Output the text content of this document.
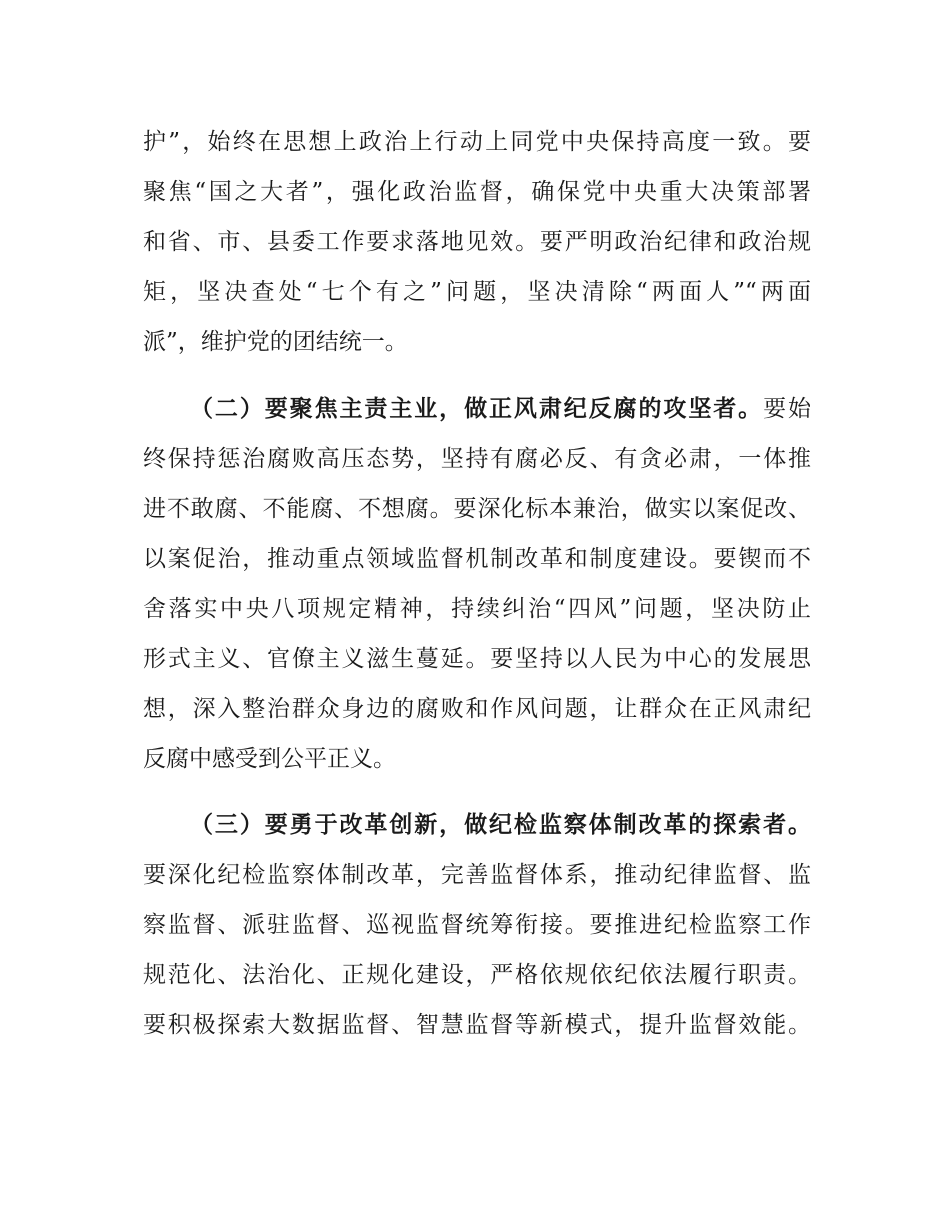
护”，始终在思想上政治上行动上同党中央保持高度一致。要
聚焦“国之大者”，强化政治监督，确保党中央重大决策部署
和省、市、县委工作要求落地见效。要严明政治纪律和政治规
矩，坚决查处“七个有之”问题，坚决清除“两面人”“两面
派”，维护党的团结统一。
（二）要聚焦主责主业，做正风肃纪反腐的攻坚者。要始
终保持惩治腐败高压态势，坚持有腐必反、有贪必肃，一体推
进不敢腐、不能腐、不想腐。要深化标本兼治，做实以案促改、
以案促治，推动重点领域监督机制改革和制度建设。要锲而不
舍落实中央八项规定精神，持续纠治“四风”问题，坚决防止
形式主义、官僚主义滋生蔓延。要坚持以人民为中心的发展思
想，深入整治群众身边的腐败和作风问题，让群众在正风肃纪
反腐中感受到公平正义。
（三）要勇于改革创新，做纪检监察体制改革的探索者。
要深化纪检监察体制改革，完善监督体系，推动纪律监督、监
察监督、派驻监督、巡视监督统筹衔接。要推进纪检监察工作
规范化、法治化、正规化建设，严格依规依纪依法履行职责。
要积极探索大数据监督、智慧监督等新模式，提升监督效能。
